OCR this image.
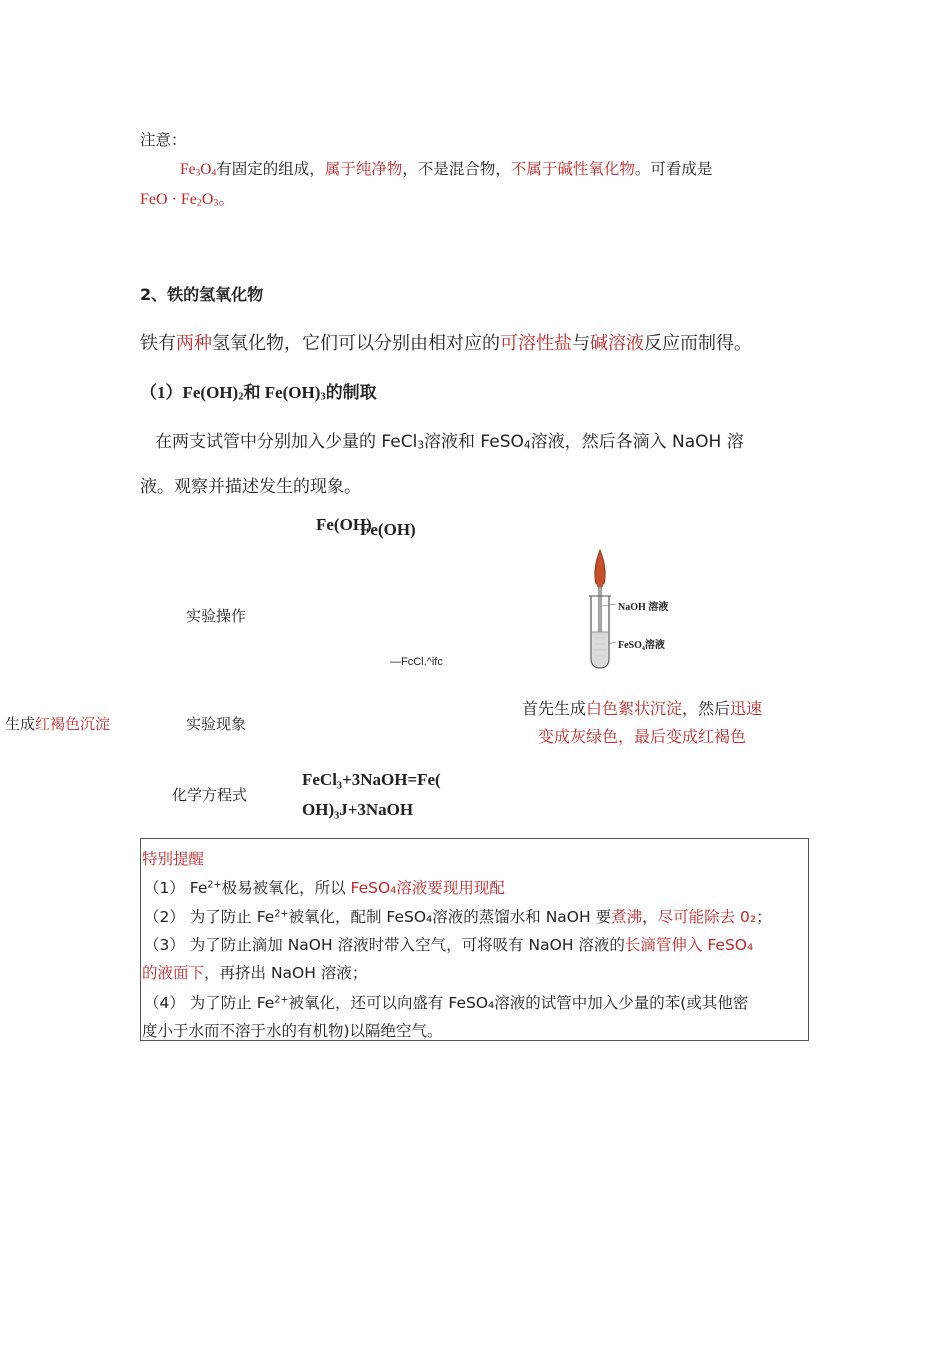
注意：
$Fe_3O_4$有固定的组成，属于纯净物，不是混合物，不属于碱性氧化物。可看成是
FeO · $Fe_2O_3$。
2、铁的氢氧化物
铁有两种氢氧化物，它们可以分别由相对应的可溶性盐与碱溶液反应而制得。
$(1)Fe(OH)_2$和 $Fe(OH)_3$的制取
在两支试管中分别加入少量的 FeCl$_3$溶液和 FeSO$_4$溶液，然后各滴入 NaOH 溶
液。观察并描述发生的现象。
Fe(OH)
Fe(OH)
实验操作
—FcCl.^ifc
NaOH 溶液
FeSO₄溶液
生成红褐色沉淀	实验现象
首先生成白色絮状沉淀，然后迅速
变成灰绿色，最后变成红褐色
化学方程式
FeCl₃+3NaOH=Fe(
OH)₃J+3NaOH
特别提醒
（1） $Fe^{2+}$极易被氧化，所以 FeSO₄溶液要现用现配
（2） 为了防止 $Fe^{2+}$被氧化，配制 FeSO₄溶液的蒸馏水和 NaOH 要煮沸，尽可能除去 0₂；
（3） 为了防止滴加 NaOH 溶液时带入空气，可将吸有 NaOH 溶液的长滴管伸入 FeSO₄
的液面下，再挤出 NaOH 溶液；
（4） 为了防止 $Fe^{2+}$被氧化，还可以向盛有 FeSO₄溶液的试管中加入少量的苯(或其他密
度小于水而不溶于水的有机物)以隔绝空气。
